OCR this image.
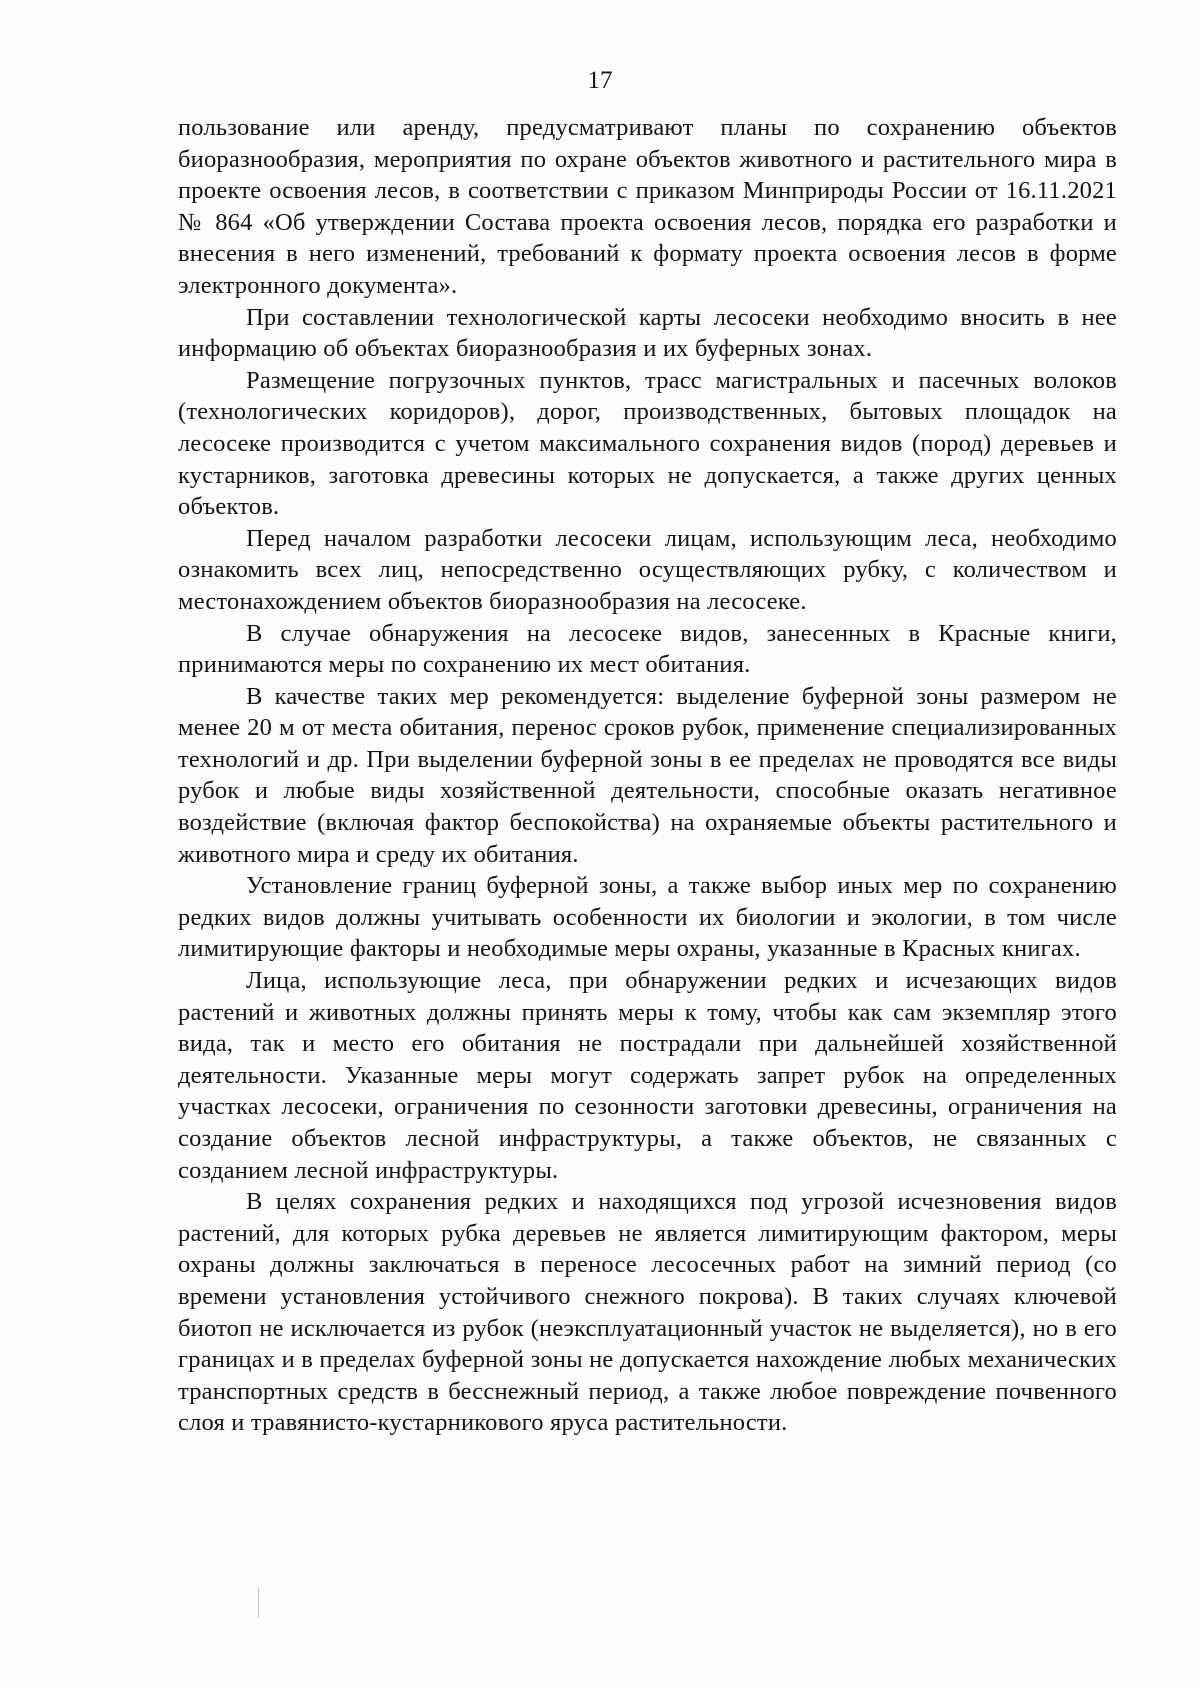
17

пользование или аренду, предусматривают планы по сохранению объектов биоразнообразия, мероприятия по охране объектов животного и растительного мира в проекте освоения лесов, в соответствии с приказом Минприроды России от 16.11.2021 № 864 «Об утверждении Состава проекта освоения лесов, порядка его разработки и внесения в него изменений, требований к формату проекта освоения лесов в форме электронного документа».

При составлении технологической карты лесосеки необходимо вносить в нее информацию об объектах биоразнообразия и их буферных зонах.

Размещение погрузочных пунктов, трасс магистральных и пасечных волоков (технологических коридоров), дорог, производственных, бытовых площадок на лесосеке производится с учетом максимального сохранения видов (пород) деревьев и кустарников, заготовка древесины которых не допускается, а также других ценных объектов.

Перед началом разработки лесосеки лицам, использующим леса, необходимо ознакомить всех лиц, непосредственно осуществляющих рубку, с количеством и местонахождением объектов биоразнообразия на лесосеке.

В случае обнаружения на лесосеке видов, занесенных в Красные книги, принимаются меры по сохранению их мест обитания.

В качестве таких мер рекомендуется: выделение буферной зоны размером не менее 20 м от места обитания, перенос сроков рубок, применение специализированных технологий и др. При выделении буферной зоны в ее пределах не проводятся все виды рубок и любые виды хозяйственной деятельности, способные оказать негативное воздействие (включая фактор беспокойства) на охраняемые объекты растительного и животного мира и среду их обитания.

Установление границ буферной зоны, а также выбор иных мер по сохранению редких видов должны учитывать особенности их биологии и экологии, в том числе лимитирующие факторы и необходимые меры охраны, указанные в Красных книгах.

Лица, использующие леса, при обнаружении редких и исчезающих видов растений и животных должны принять меры к тому, чтобы как сам экземпляр этого вида, так и место его обитания не пострадали при дальнейшей хозяйственной деятельности. Указанные меры могут содержать запрет рубок на определенных участках лесосеки, ограничения по сезонности заготовки древесины, ограничения на создание объектов лесной инфраструктуры, а также объектов, не связанных с созданием лесной инфраструктуры.

В целях сохранения редких и находящихся под угрозой исчезновения видов растений, для которых рубка деревьев не является лимитирующим фактором, меры охраны должны заключаться в переносе лесосечных работ на зимний период (со времени установления устойчивого снежного покрова). В таких случаях ключевой биотоп не исключается из рубок (неэксплуатационный участок не выделяется), но в его границах и в пределах буферной зоны не допускается нахождение любых механических транспортных средств в бесснежный период, а также любое повреждение почвенного слоя и травянисто-кустарникового яруса растительности.
